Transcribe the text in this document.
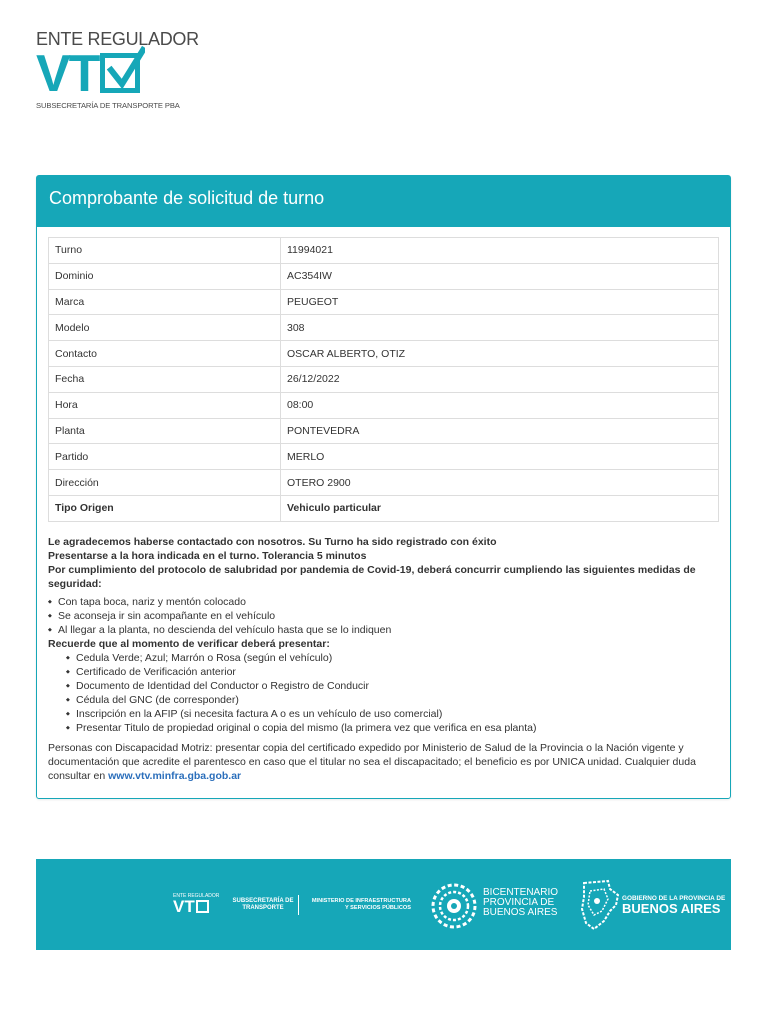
ENTE REGULADOR
VT
SUBSECRETARÍA DE TRANSPORTE PBA
Comprobante de solicitud de turno
Turno	11994021
Dominio	AC354IW
Marca	PEUGEOT
Modelo	308
Contacto	OSCAR ALBERTO, OTIZ
Fecha	26/12/2022
Hora	08:00
Planta	PONTEVEDRA
Partido	MERLO
Dirección	OTERO 2900
Tipo Origen	Vehiculo particular
Le agradecemos haberse contactado con nosotros. Su Turno ha sido registrado con éxito
Presentarse a la hora indicada en el turno. Tolerancia 5 minutos
Por cumplimiento del protocolo de salubridad por pandemia de Covid-19, deberá concurrir cumpliendo las siguientes medidas de seguridad:
◆ Con tapa boca, nariz y mentón colocado
◆ Se aconseja ir sin acompañante en el vehículo
◆ Al llegar a la planta, no descienda del vehículo hasta que se lo indiquen
Recuerde que al momento de verificar deberá presentar:
◆ Cedula Verde; Azul; Marrón o Rosa (según el vehículo)
◆ Certificado de Verificación anterior
◆ Documento de Identidad del Conductor o Registro de Conducir
◆ Cédula del GNC (de corresponder)
◆ Inscripción en la AFIP (si necesita factura A o es un vehículo de uso comercial)
◆ Presentar Titulo de propiedad original o copia del mismo (la primera vez que verifica en esa planta)
Personas con Discapacidad Motriz: presentar copia del certificado expedido por Ministerio de Salud de la Provincia o la Nación vigente y documentación que acredite el parentesco en caso que el titular no sea el discapacitado; el beneficio es por UNICA unidad. Cualquier duda consultar en www.vtv.minfra.gba.gob.ar
ENTE REGULADOR
VT	SUBSECRETARÍA DE
TRANSPORTE
MINISTERIO DE INFRAESTRUCTURA
Y SERVICIOS PÚBLICOS
BICENTENARIO
PROVINCIA DE
BUENOS AIRES
GOBIERNO DE LA PROVINCIA DE
BUENOS AIRES
